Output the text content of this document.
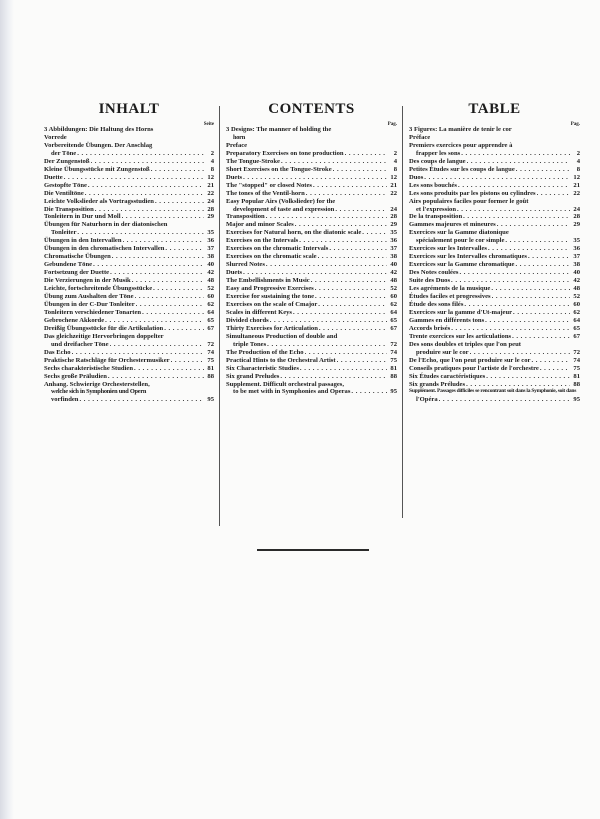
INHALT
Seite
3 Abbildungen: Die Haltung des Horns
Vorrede
Vorbereitende Übungen. Der Anschlag
der Töne . . .	2
Der Zungenstoß . . .	4
Kleine Übungsstücke mit Zungenstoß . . .	8
Duette . . .	12
Gestopfte Töne . . .	21
Die Ventiltöne . . .	22
Leichte Volkslieder als Vortragsstudien . . .	24
Die Transposition . . .	28
Tonleitern in Dur und Moll . . .	29
Übungen für Naturhorn in der diatonischen
Tonleiter . . .	35
Übungen in den Intervallen . . .	36
Übungen in den chromatischen Intervallen . . .	37
Chromatische Übungen . . .	38
Gebundene Töne . . .	40
Fortsetzung der Duette . . .	42
Die Verzierungen in der Musik . . .	48
Leichte, fortschreitende Übungsstücke . . .	52
Übung zum Aushalten der Töne . . .	60
Übungen in der C-Dur Tonleiter . . .	62
Tonleitern verschiedener Tonarten . . .	64
Gebrochene Akkorde . . .	65
Dreißig Übungsstücke für die Artikulation . . .	67
Das gleichzeitige Hervorbringen doppelter
und dreifacher Töne . . .	72
Das Echo . . .	74
Praktische Ratschläge für Orchestermusiker . . .	75
Sechs charakteristische Studien . . .	81
Sechs große Präludien . . .	88
Anhang. Schwierige Orchesterstellen,
welche sich in Symphonien und Opern
vorfinden . . .	95
CONTENTS
Pag.
3 Designs: The manner of holding the
horn
Preface
Preparatory Exercises on tone production . . .	2
The Tongue-Stroke . . .	4
Short Exercises on the Tongue-Stroke . . .	8
Duets . . .	12
The "stopped" or closed Notes . . .	21
The tones of the Ventil-horn . . .	22
Easy Popular Airs (Volkslieder) for the
development of taste and expression . . .	24
Transposition . . .	28
Major and minor Scales . . .	29
Exercises for Natural horn, on the diatonic scale . . .	35
Exercises on the Intervals . . .	36
Exercises on the chromatic Intervals . . .	37
Exercises on the chromatic scale . . .	38
Slurred Notes . . .	40
Duets . . .	42
The Embellishments in Music . . .	48
Easy and Progressive Exercises . . .	52
Exercise for sustaining the tone . . .	60
Exercises on the scale of Cmajor . . .	62
Scales in different Keys . . .	64
Divided chords . . .	65
Thirty Exercises for Articulation . . .	67
Simultaneous Production of double and
triple Tones . . .	72
The Production of the Echo . . .	74
Practical Hints to the Orchestral Artist . . .	75
Six Characteristic Studies . . .	81
Six grand Preludes . . .	88
Supplement. Difficult orchestral passages,
to be met with in Symphonies and Operas . . .	95
TABLE
Pag.
3 Figures: La manière de tenir le cor
Préface
Premiers exercices pour apprendre à
frapper les sons . . .	2
Des coups de langue . . .	4
Petites Études sur les coups de langue . . .	8
Duos . . .	12
Les sons bouchés . . .	21
Les sons produits par les pistons ou cylindres . . .	22
Airs populaires faciles pour former le goût
et l'expression . . .	24
De la transposition . . .	28
Gammes majeures et mineures . . .	29
Exercices sur la Gamme diatonique
spécialement pour le cor simple . . .	35
Exercices sur les Intervalles . . .	36
Exercices sur les Intervalles chromatiques . . .	37
Exercices sur la Gamme chromatique . . .	38
Des Notes coulées . . .	40
Suite des Duos . . .	42
Les agréments de la musique . . .	48
Études faciles et progressives . . .	52
Étude des sons filés . . .	60
Exercices sur la gamme d'Ut-majeur . . .	62
Gammes en différents tons . . .	64
Accords brisés . . .	65
Trente exercices sur les articulations . . .	67
Des sons doubles et triples que l'on peut
produire sur le cor . . .	72
De l'Echo, que l'on peut produire sur le cor . . .	74
Conseils pratiques pour l'artiste de l'orchestre . . .	75
Six Études caractéristiques . . .	81
Six grands Préludes . . .	88
Supplément. Passages difficiles se rencontrant soit dans la Symphonie, soit dans
l'Opéra . . .	95
